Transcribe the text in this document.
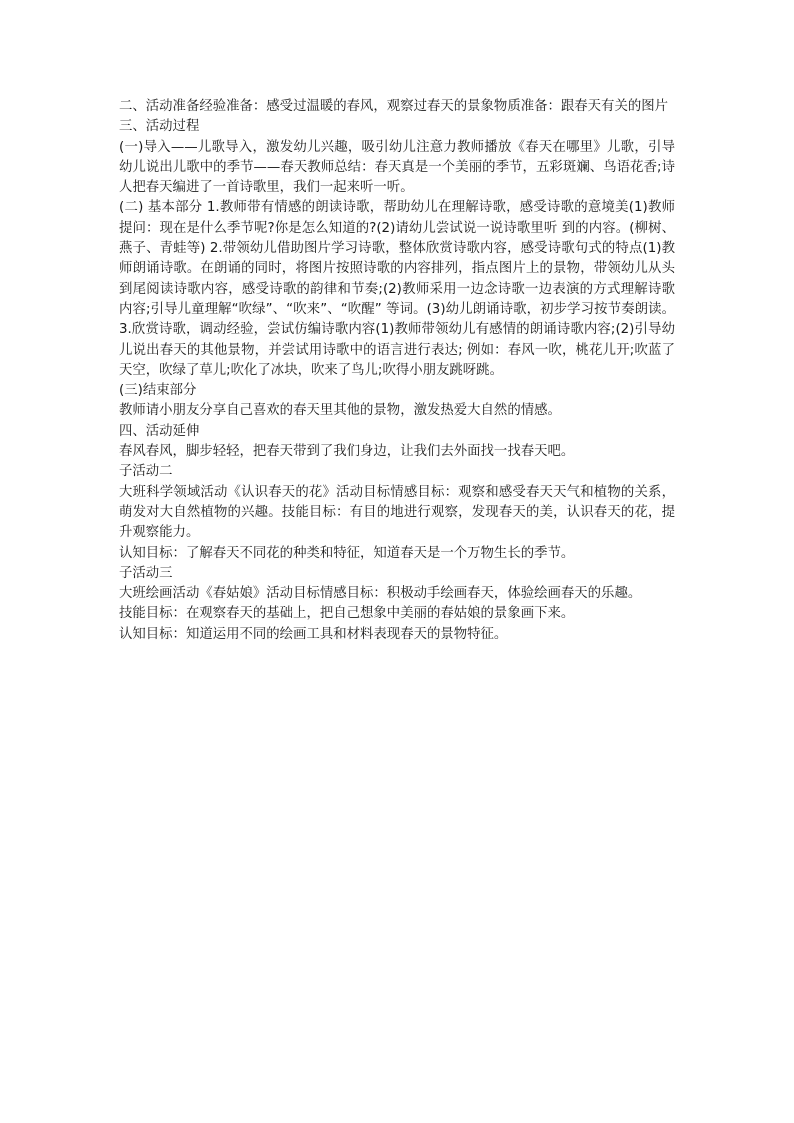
二、活动准备经验准备：感受过温暖的春风，观察过春天的景象物质准备：跟春天有关的图片

三、活动过程

(一)导入——儿歌导入，激发幼儿兴趣，吸引幼儿注意力教师播放《春天在哪里》儿歌，引导幼儿说出儿歌中的季节——春天教师总结：春天真是一个美丽的季节，五彩斑斓、鸟语花香;诗人把春天编进了一首诗歌里，我们一起来听一听。

(二) 基本部分 1.教师带有情感的朗读诗歌，帮助幼儿在理解诗歌，感受诗歌的意境美(1)教师提问：现在是什么季节呢?你是怎么知道的?(2)请幼儿尝试说一说诗歌里听 到的内容。(柳树、燕子、青蛙等) 2.带领幼儿借助图片学习诗歌，整体欣赏诗歌内容，感受诗歌句式的特点(1)教师朗诵诗歌。在朗诵的同时，将图片按照诗歌的内容排列，指点图片上的景物，带领幼儿从头到尾阅读诗歌内容，感受诗歌的韵律和节奏;(2)教师采用一边念诗歌一边表演的方式理解诗歌内容;引导儿童理解“吹绿”、“吹来”、“吹醒” 等词。(3)幼儿朗诵诗歌，初步学习按节奏朗读。 3.欣赏诗歌，调动经验，尝试仿编诗歌内容(1)教师带领幼儿有感情的朗诵诗歌内容;(2)引导幼儿说出春天的其他景物，并尝试用诗歌中的语言进行表达; 例如：春风一吹，桃花儿开;吹蓝了天空，吹绿了草儿;吹化了冰块，吹来了鸟儿;吹得小朋友跳呀跳。

(三)结束部分

教师请小朋友分享自己喜欢的春天里其他的景物，激发热爱大自然的情感。

四、活动延伸

春风春风，脚步轻轻，把春天带到了我们身边，让我们去外面找一找春天吧。

子活动二

大班科学领域活动《认识春天的花》活动目标情感目标：观察和感受春天天气和植物的关系，萌发对大自然植物的兴趣。技能目标：有目的地进行观察，发现春天的美，认识春天的花，提升观察能力。

认知目标：了解春天不同花的种类和特征，知道春天是一个万物生长的季节。

子活动三

大班绘画活动《春姑娘》活动目标情感目标：积极动手绘画春天，体验绘画春天的乐趣。

技能目标：在观察春天的基础上，把自己想象中美丽的春姑娘的景象画下来。

认知目标：知道运用不同的绘画工具和材料表现春天的景物特征。
